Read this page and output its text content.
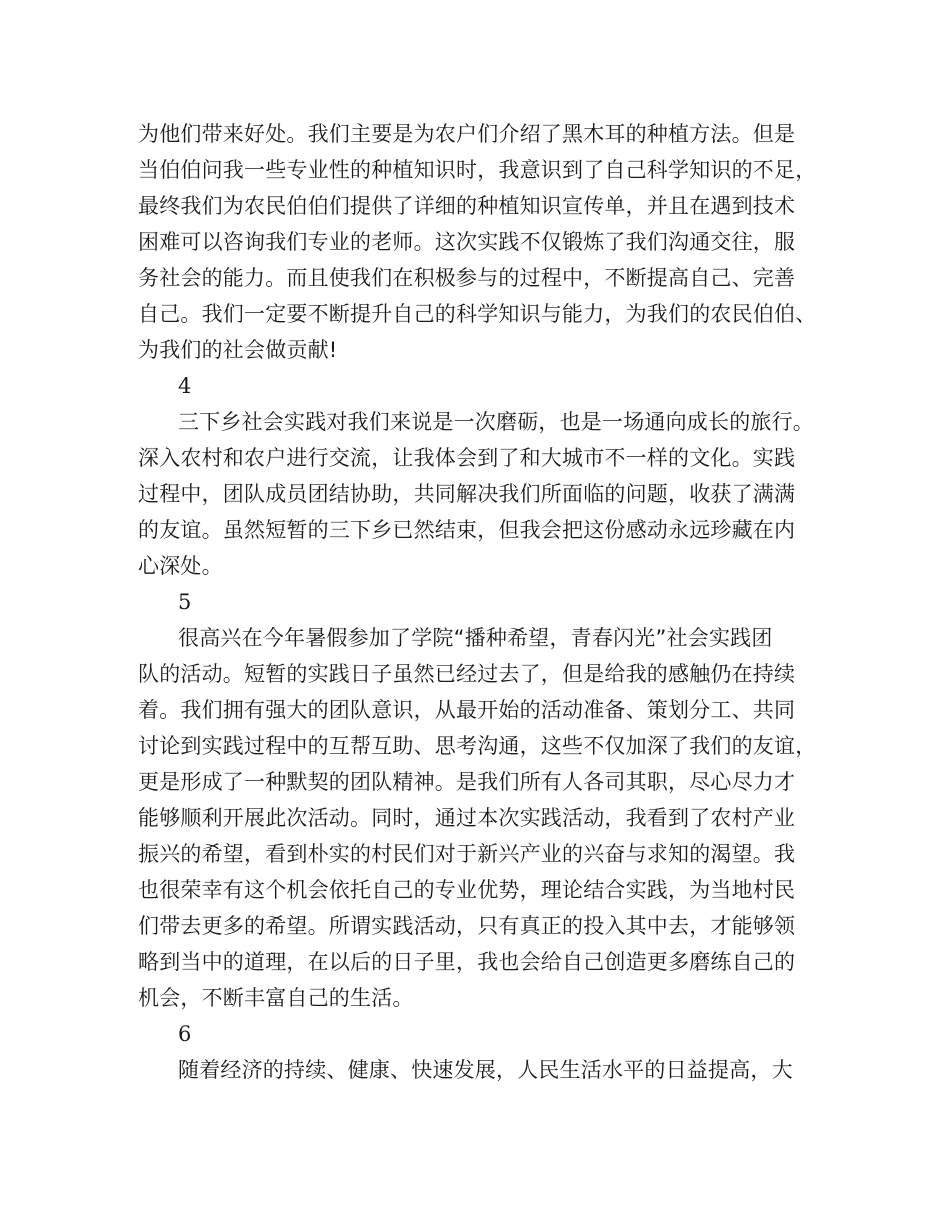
为他们带来好处。我们主要是为农户们介绍了黑木耳的种植方法。但是
当伯伯问我一些专业性的种植知识时，我意识到了自己科学知识的不足，
最终我们为农民伯伯们提供了详细的种植知识宣传单，并且在遇到技术
困难可以咨询我们专业的老师。这次实践不仅锻炼了我们沟通交往，服
务社会的能力。而且使我们在积极参与的过程中，不断提高自己、完善
自己。我们一定要不断提升自己的科学知识与能力，为我们的农民伯伯、
为我们的社会做贡献!
4
三下乡社会实践对我们来说是一次磨砺，也是一场通向成长的旅行。
深入农村和农户进行交流，让我体会到了和大城市不一样的文化。实践
过程中，团队成员团结协助，共同解决我们所面临的问题，收获了满满
的友谊。虽然短暂的三下乡已然结束，但我会把这份感动永远珍藏在内
心深处。
5
很高兴在今年暑假参加了学院“播种希望，青春闪光”社会实践团
队的活动。短暂的实践日子虽然已经过去了，但是给我的感触仍在持续
着。我们拥有强大的团队意识，从最开始的活动准备、策划分工、共同
讨论到实践过程中的互帮互助、思考沟通，这些不仅加深了我们的友谊，
更是形成了一种默契的团队精神。是我们所有人各司其职，尽心尽力才
能够顺利开展此次活动。同时，通过本次实践活动，我看到了农村产业
振兴的希望，看到朴实的村民们对于新兴产业的兴奋与求知的渴望。我
也很荣幸有这个机会依托自己的专业优势，理论结合实践，为当地村民
们带去更多的希望。所谓实践活动，只有真正的投入其中去，才能够领
略到当中的道理，在以后的日子里，我也会给自己创造更多磨练自己的
机会，不断丰富自己的生活。
6
随着经济的持续、健康、快速发展，人民生活水平的日益提高，大
